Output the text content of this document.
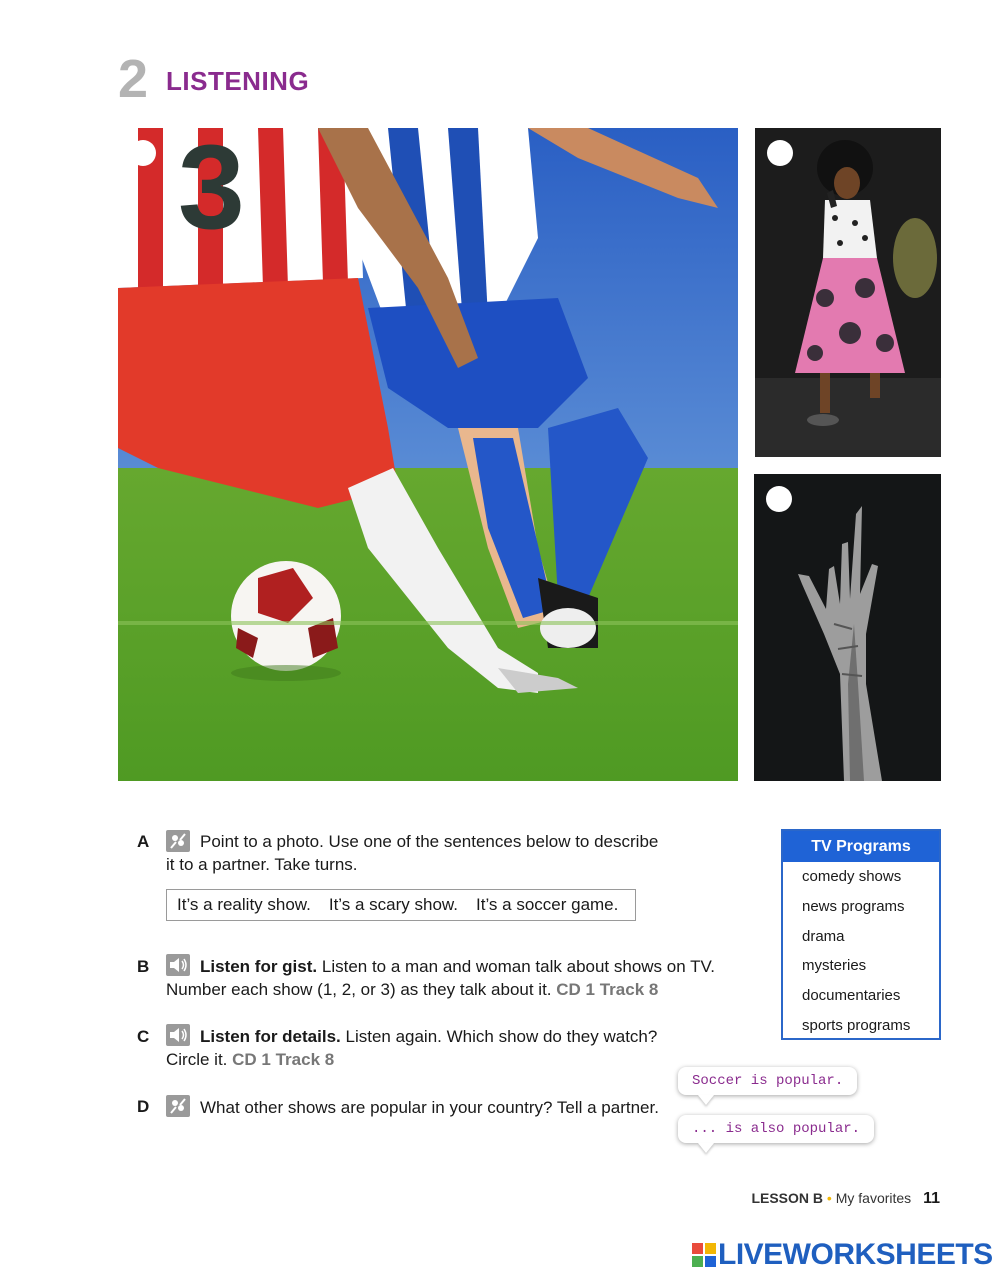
2 LISTENING
3
A	Point to a photo. Use one of the sentences below to describe
it to a partner. Take turns.
It’s a reality show. It’s a scary show. It’s a soccer game.
B	Listen for gist. Listen to a man and woman talk about shows on TV.
Number each show (1, 2, or 3) as they talk about it. CD 1 Track 8
C	Listen for details. Listen again. Which show do they watch?
Circle it. CD 1 Track 8
D	What other shows are popular in your country? Tell a partner.
TV Programs
comedy shows
news programs
drama
mysteries
documentaries
sports programs
Soccer is popular.
... is also popular.
LESSON B • My favorites 11
LIVEWORKSHEETS
